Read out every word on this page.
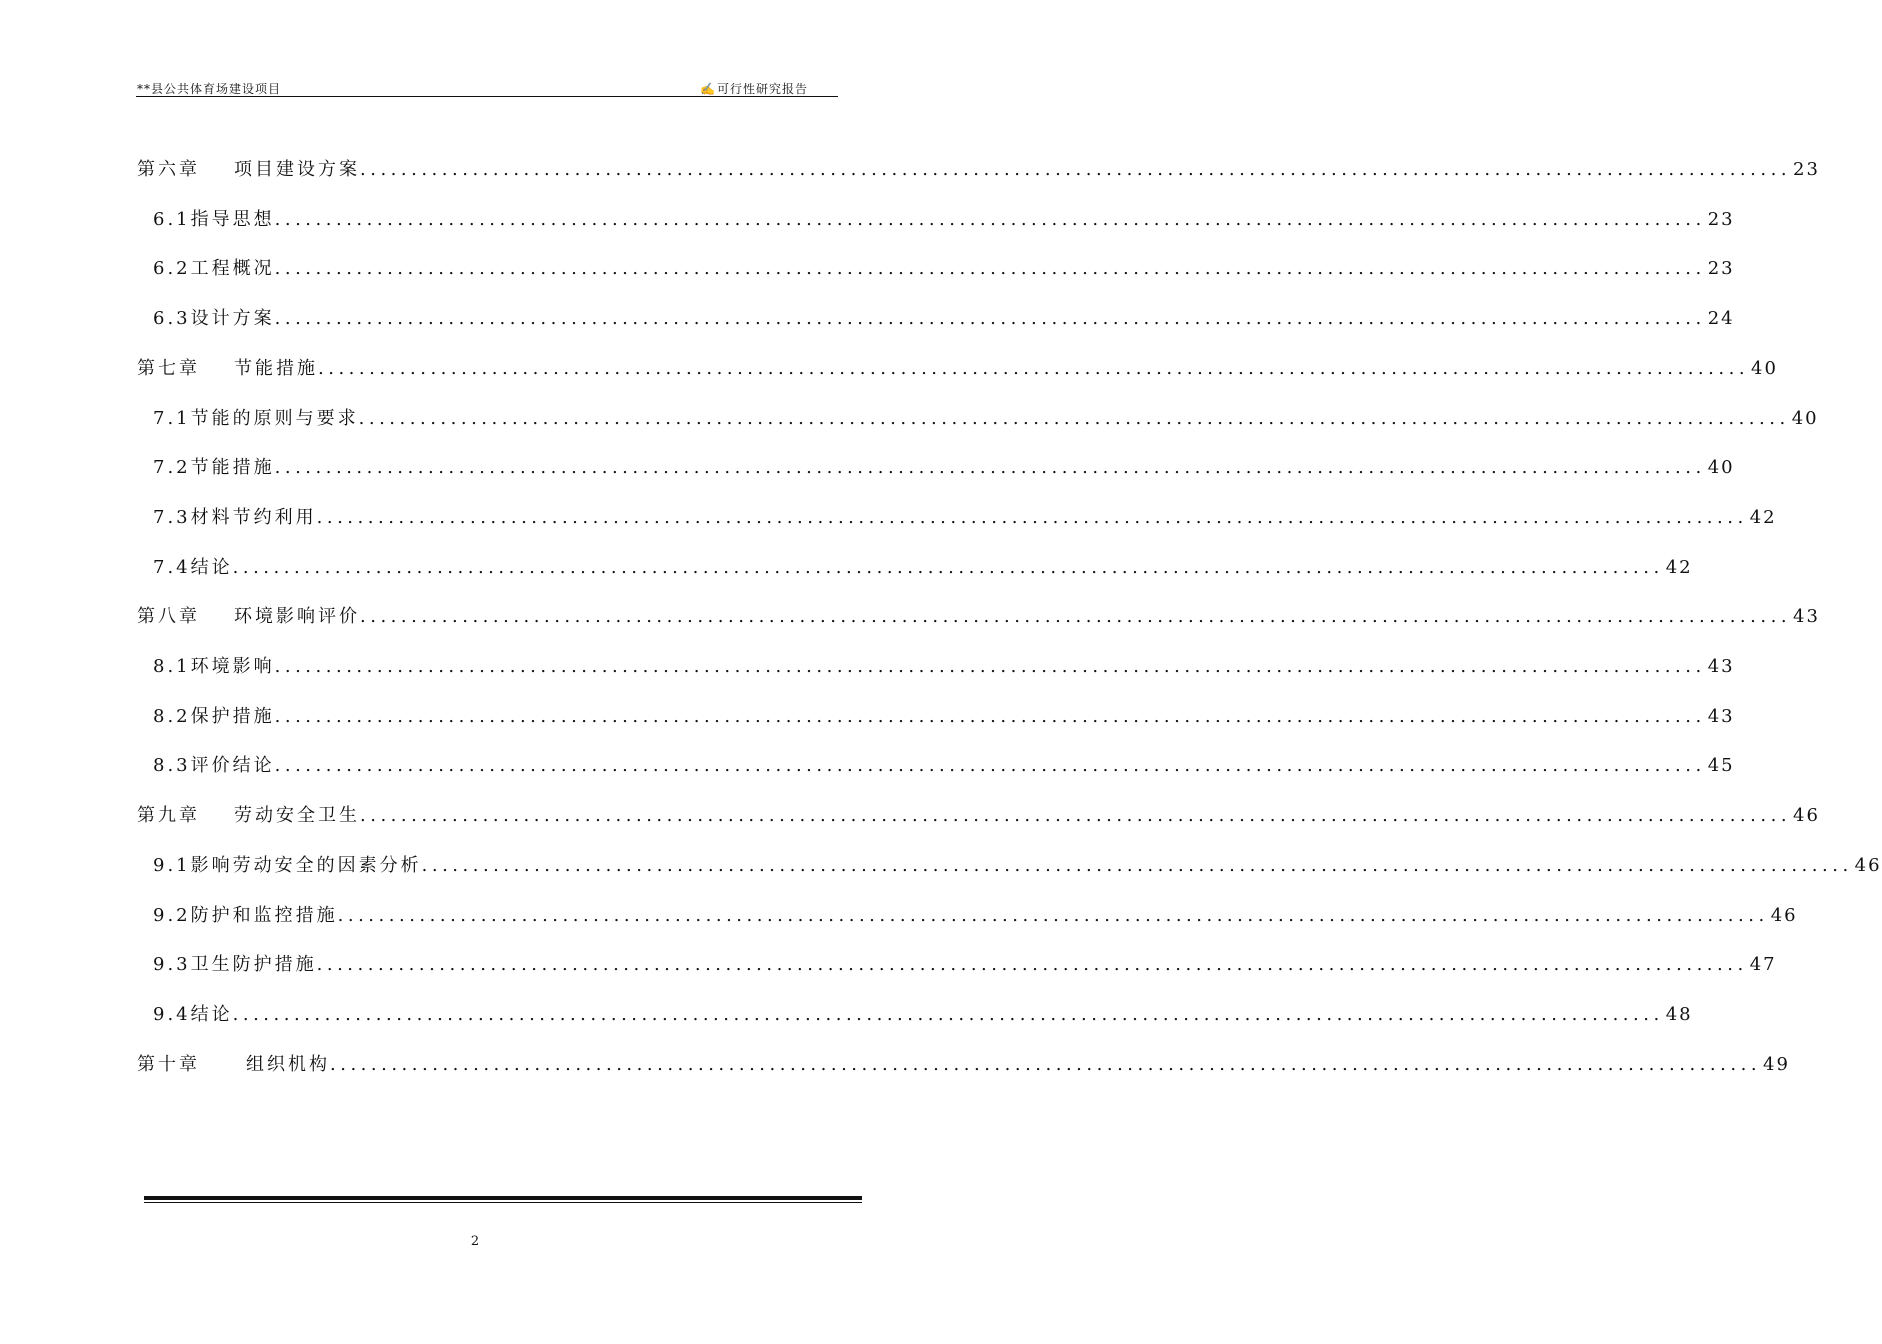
**县公共体育场建设项目	✍可行性研究报告
第六章 项目建设方案 ............................................................................................................................................ 23
6.1指导思想 ............................................................................................................................................ 23
6.2工程概况 ............................................................................................................................................ 23
6.3设计方案 ............................................................................................................................................ 24
第七章 节能措施 ............................................................................................................................................ 40
7.1节能的原则与要求 ............................................................................................................................................ 40
7.2节能措施 ............................................................................................................................................ 40
7.3材料节约利用 ............................................................................................................................................ 42
7.4结论 ............................................................................................................................................ 42
第八章 环境影响评价 ............................................................................................................................................ 43
8.1环境影响 ............................................................................................................................................ 43
8.2保护措施 ............................................................................................................................................ 43
8.3评价结论 ............................................................................................................................................ 45
第九章 劳动安全卫生 ............................................................................................................................................ 46
9.1影响劳动安全的因素分析 ............................................................................................................................................ 46
9.2防护和监控措施 ............................................................................................................................................ 46
9.3卫生防护措施 ............................................................................................................................................ 47
9.4结论 ............................................................................................................................................ 48
第十章	组织机构 ............................................................................................................................................ 49
2
